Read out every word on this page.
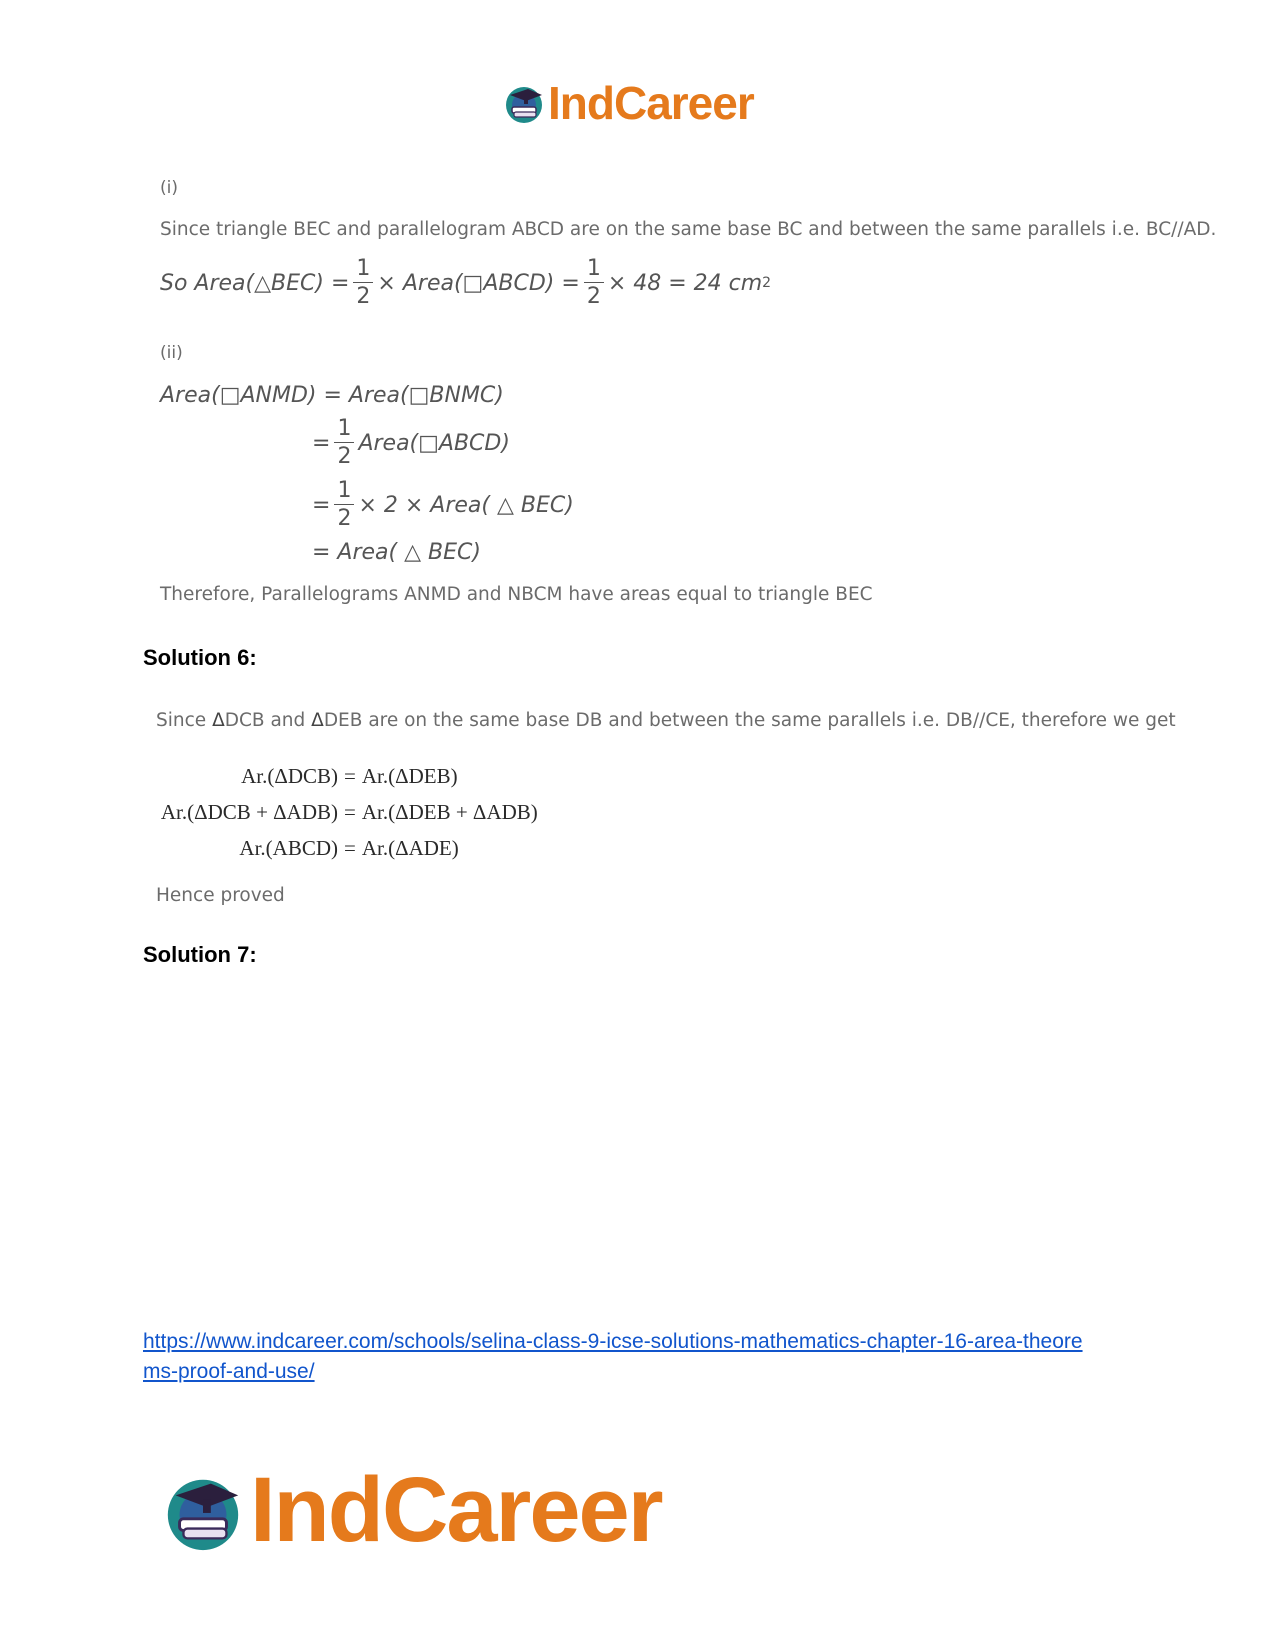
IndCareer
(i)
Since triangle BEC and parallelogram ABCD are on the same base BC and between the same parallels i.e. BC//AD.
So Area( △ $BEC) = \frac{1}{2}$ × Area( □ ABCD) = $\frac{1}{2} \times 48 = 24$ cm 2
(ii)
Area(□ANMD) = Area(□BNMC)
= $\frac{1}{2}$ Area(□ABCD)
= $\frac{1}{2} \times 2$ × Area( △ BEC)
= Area( △ BEC)
Therefore, Parallelograms ANMD and NBCM have areas equal to triangle BEC
Solution 6:
Since ΔDCB and ΔDEB are on the same base DB and between the same parallels i.e. DB//CE, therefore we get
Ar.(ΔDCB) = Ar.(ΔDEB)
Ar.(ΔDCB + ΔADB) = Ar.(ΔDEB + ΔADB)
Ar.(ABCD) = Ar.(ΔADE)
Hence proved
Solution 7:
https://www.indcareer.com/schools/selina-class-9-icse-solutions-mathematics-chapter-16-area-theorems-proof-and-use/
IndCareer
